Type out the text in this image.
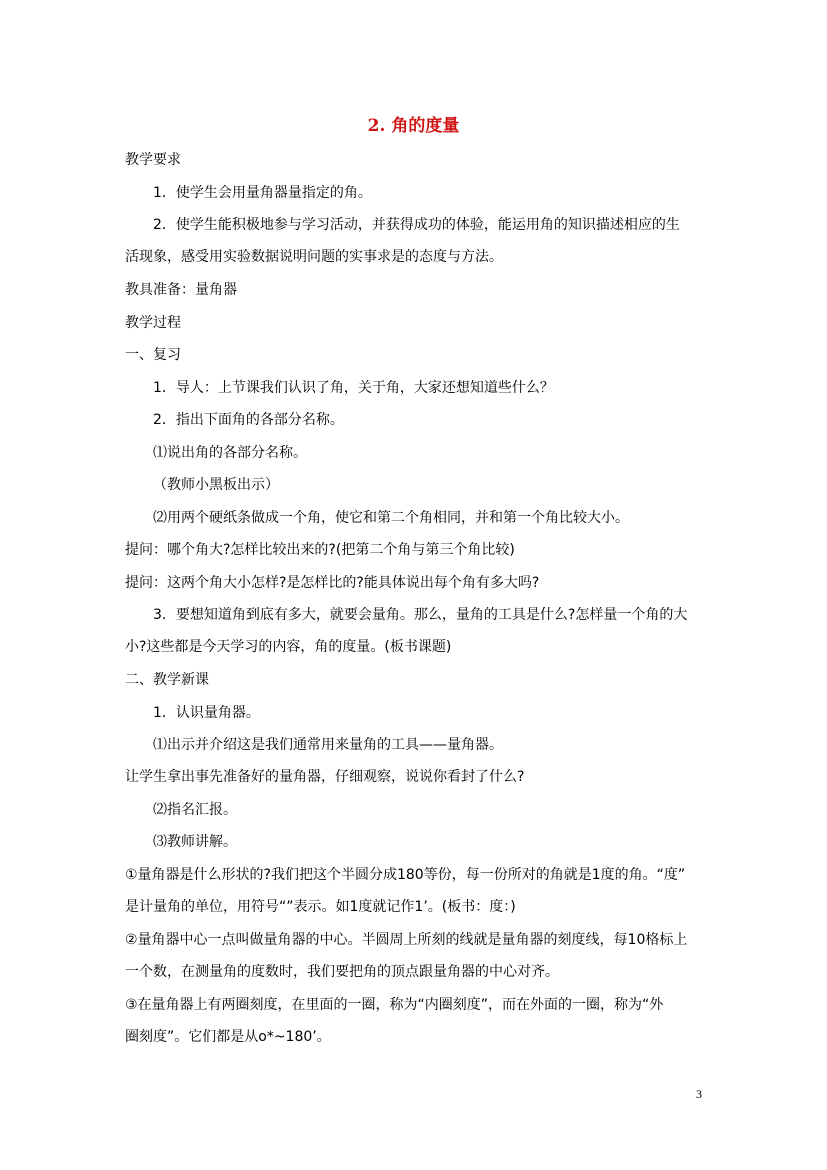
2. 角的度量
教学要求
1．使学生会用量角器量指定的角。
2．使学生能积极地参与学习活动，并获得成功的体验，能运用角的知识描述相应的生
活现象，感受用实验数据说明问题的实事求是的态度与方法。
教具准备：量角器
教学过程
一、复习
1．导人：上节课我们认识了角，关于角，大家还想知道些什么？
2．指出下面角的各部分名称。
⑴说出角的各部分名称。
（教师小黑板出示）
⑵用两个硬纸条做成一个角，使它和第二个角相同，并和第一个角比较大小。
提问：哪个角大?怎样比较出来的?(把第二个角与第三个角比较)
提问：这两个角大小怎样?是怎样比的?能具体说出每个角有多大吗?
3．要想知道角到底有多大，就要会量角。那么，量角的工具是什么?怎样量一个角的大
小?这些都是今天学习的内容，角的度量。(板书课题)
二、教学新课
1．认识量角器。
⑴出示并介绍这是我们通常用来量角的工具——量角器。
让学生拿出事先准备好的量角器，仔细观察，说说你看封了什么?
⑵指名汇报。
⑶教师讲解。
①量角器是什么形状的?我们把这个半圆分成180等份，每一份所对的角就是1度的角。“度”
是计量角的单位，用符号“”表示。如1度就记作1’。(板书：度：)
②量角器中心一点叫做量角器的中心。半圆周上所刻的线就是量角器的刻度线，每10格标上
一个数，在测量角的度数时，我们要把角的顶点跟量角器的中心对齐。
③在量角器上有两圈刻度，在里面的一圈，称为“内圈刻度”，而在外面的一圈，称为“外
圈刻度”。它们都是从o*~180’。
3
